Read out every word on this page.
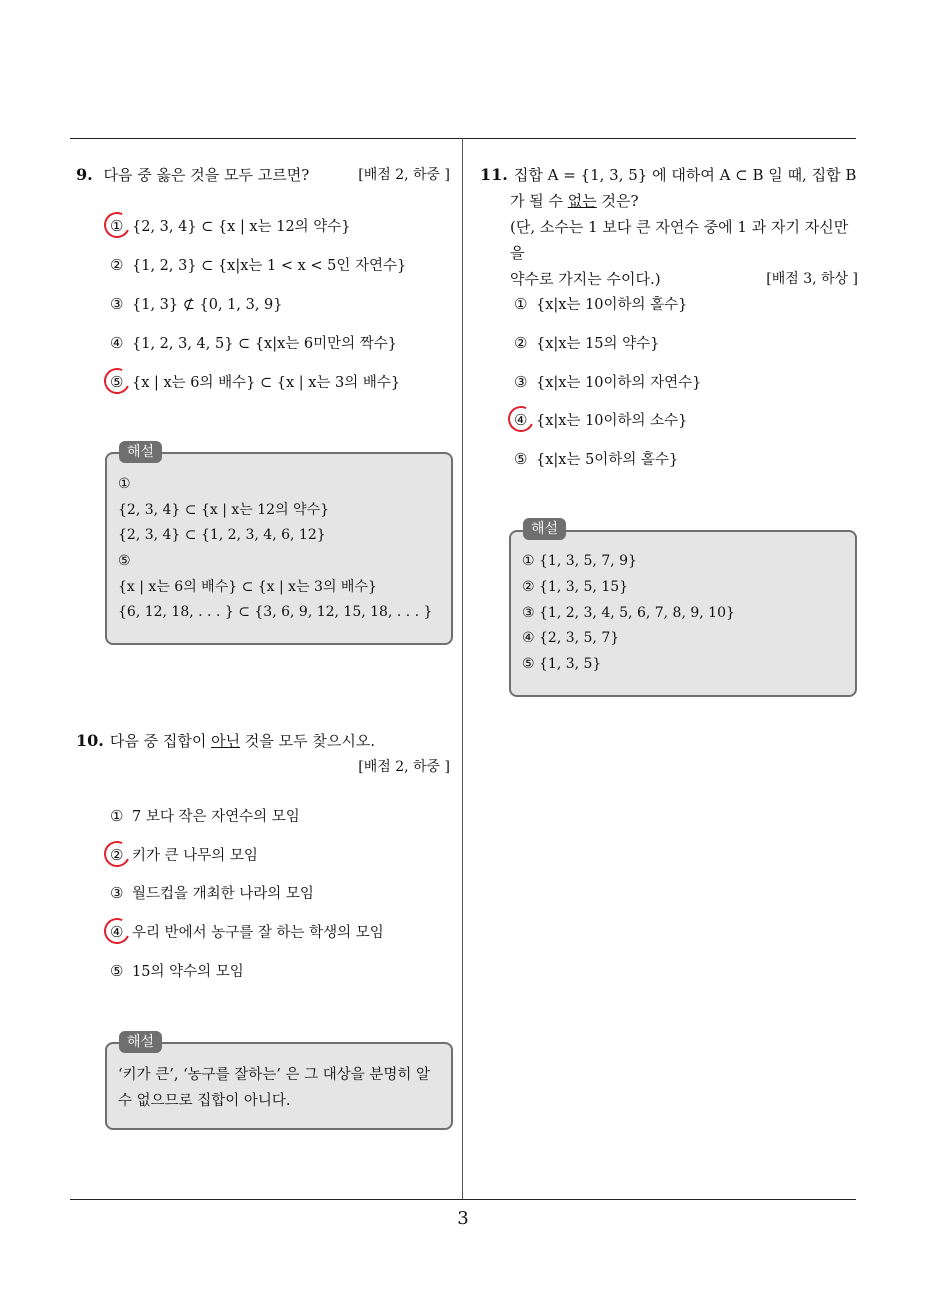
9. 다음 중 옳은 것을 모두 고르면?	[배점 2, 하중 ]
① {2, 3, 4} ⊂ {x | x는 12의 약수}
② {1, 2, 3} ⊂ {x|x는 1 < x < 5인 자연수}
③ {1, 3} ⊄ {0, 1, 3, 9}
④ {1, 2, 3, 4, 5} ⊂ {x|x는 6미만의 짝수}
⑤ {x | x는 6의 배수} ⊂ {x | x는 3의 배수}
해설
①
{2, 3, 4} ⊂ {x | x는 12의 약수}
{2, 3, 4} ⊂ {1, 2, 3, 4, 6, 12}
⑤
{x | x는 6의 배수} ⊂ {x | x는 3의 배수}
{6, 12, 18, . . . } ⊂ {3, 6, 9, 12, 15, 18, . . . }
10. 다음 중 집합이 아닌 것을 모두 찾으시오.
[배점 2, 하중 ]
① 7 보다 작은 자연수의 모임
② 키가 큰 나무의 모임
③ 월드컵을 개최한 나라의 모임
④ 우리 반에서 농구를 잘 하는 학생의 모임
⑤ 15의 약수의 모임
해설
‘키가 큰’, ‘농구를 잘하는’ 은 그 대상을 분명히 알 수 없으므로 집합이 아니다.
11. 집합 A = {1, 3, 5} 에 대하여 A ⊂ B 일 때, 집합 B
가 될 수 없는 것은?
(단, 소수는 1 보다 큰 자연수 중에 1 과 자기 자신만을
약수로 가지는 수이다.)	[배점 3, 하상 ]
① {x|x는 10이하의 홀수}
② {x|x는 15의 약수}
③ {x|x는 10이하의 자연수}
④ {x|x는 10이하의 소수}
⑤ {x|x는 5이하의 홀수}
해설
① {1, 3, 5, 7, 9}
② {1, 3, 5, 15}
③ {1, 2, 3, 4, 5, 6, 7, 8, 9, 10}
④ {2, 3, 5, 7}
⑤ {1, 3, 5}
3
